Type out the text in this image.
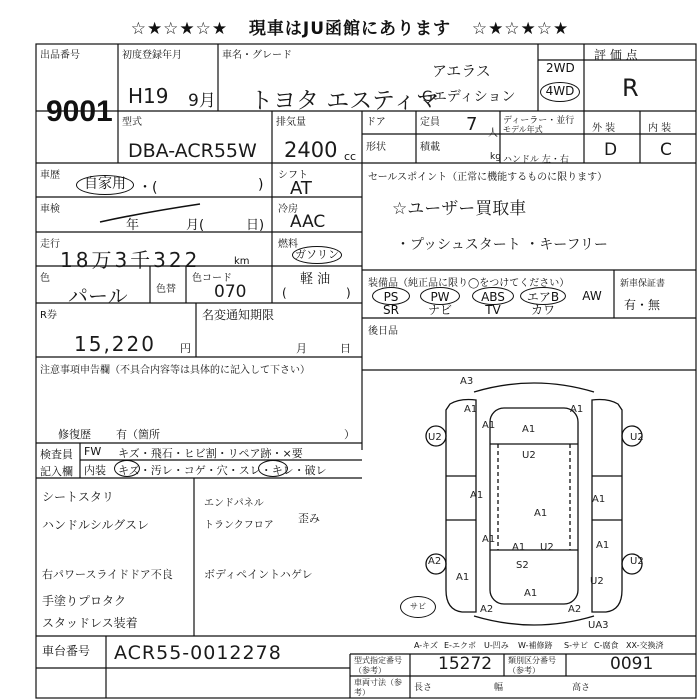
☆★☆★☆★ 現車はJU函館にあります ☆★☆★☆★
出品番号
9001
初度登録年月
H19 9月
車名・グレード
トヨタ エスティマ
アエラス
Gエディション
2WD
4WD
評 価 点
R
型式
DBA-ACR55W
排気量
2400 cc
ドア	定員 7 人
ディーラー・並行
モデル年式
形状	積載
kg ハンドル 左・右
外 装	内 装
D	C
車歴
自家用 ・(	)
車検
年	月(	日)
走行
18万3千322	km
色
パール	色替
色コード
070
シフト
AT
冷房
AAC
燃料
ガソリン
軽 油
(	)
セールスポイント（正常に機能するものに限ります）
☆ユーザー買取車
・プッシュスタート ・キーフリー
装備品（純正品に限り◯をつけてください）	新車保証書
有・無
PS	PW	ABS	エアB	AW
SR	ナビ	TV	カワ
後日品
R券
15,220 円
名変通知期限
月	日
注意事項申告欄（不具合内容等は具体的に記入して下さい）
修復歴 有（箇所	）
検査員
記入欄
FW
内装
キズ・飛石・ヒビ割・リペア跡・×要
キズ・汚レ・コゲ・穴・スレ・キレ・破レ
シートスタリ
ハンドルシルグスレ
右パワースライドドア不良
手塗りプロタク
スタッドレス装着
エンドパネル
トランクフロア
歪み
ボディペイントハゲレ
A3
A1
A1
A1
A1
U2
U2	U2
A1	A1
A1
A1
A1
A1 U2
A2	U2
S2
A1	U2
A2	A2
A1
UA3
サビ
車台番号 ACR55-0012278	A-キズ E-エクボ U-凹み W-補修跡 S-サビ C-腐食 XX-交換済
型式指定番号（参考）	15272 類別区分番号（参考）	0091
車両寸法（参考）	長さ	幅	高さ
